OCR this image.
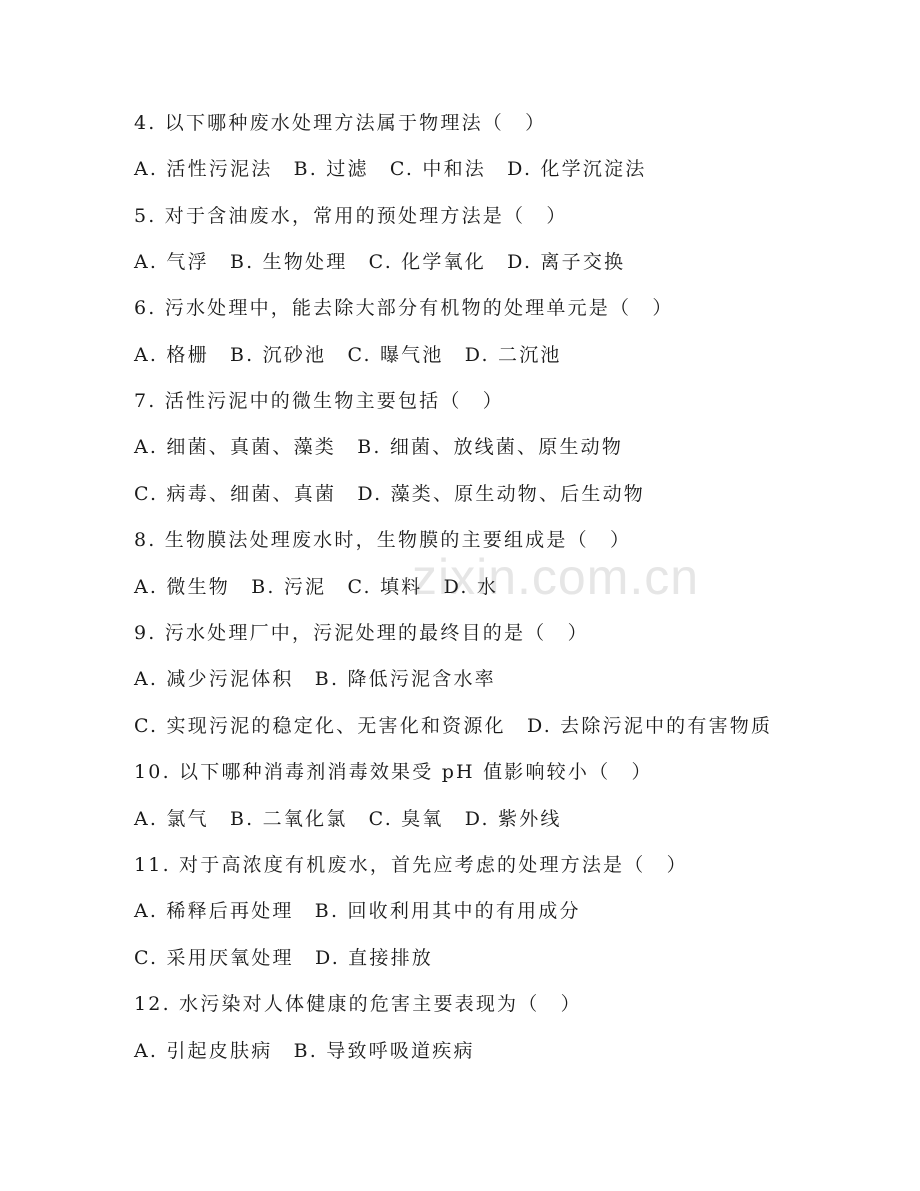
zixin.com.cn
4. 以下哪种废水处理方法属于物理法（　）
A. 活性污泥法　B. 过滤　C. 中和法　D. 化学沉淀法
5. 对于含油废水，常用的预处理方法是（　）
A. 气浮　B. 生物处理　C. 化学氧化　D. 离子交换
6. 污水处理中，能去除大部分有机物的处理单元是（　）
A. 格栅　B. 沉砂池　C. 曝气池　D. 二沉池
7. 活性污泥中的微生物主要包括（　）
A. 细菌、真菌、藻类　B. 细菌、放线菌、原生动物
C. 病毒、细菌、真菌　D. 藻类、原生动物、后生动物
8. 生物膜法处理废水时，生物膜的主要组成是（　）
A. 微生物　B. 污泥　C. 填料　D. 水
9. 污水处理厂中，污泥处理的最终目的是（　）
A. 减少污泥体积　B. 降低污泥含水率
C. 实现污泥的稳定化、无害化和资源化　D. 去除污泥中的有害物质
10. 以下哪种消毒剂消毒效果受 pH 值影响较小（　）
A. 氯气　B. 二氧化氯　C. 臭氧　D. 紫外线
11. 对于高浓度有机废水，首先应考虑的处理方法是（　）
A. 稀释后再处理　B. 回收利用其中的有用成分
C. 采用厌氧处理　D. 直接排放
12. 水污染对人体健康的危害主要表现为（　）
A. 引起皮肤病　B. 导致呼吸道疾病
